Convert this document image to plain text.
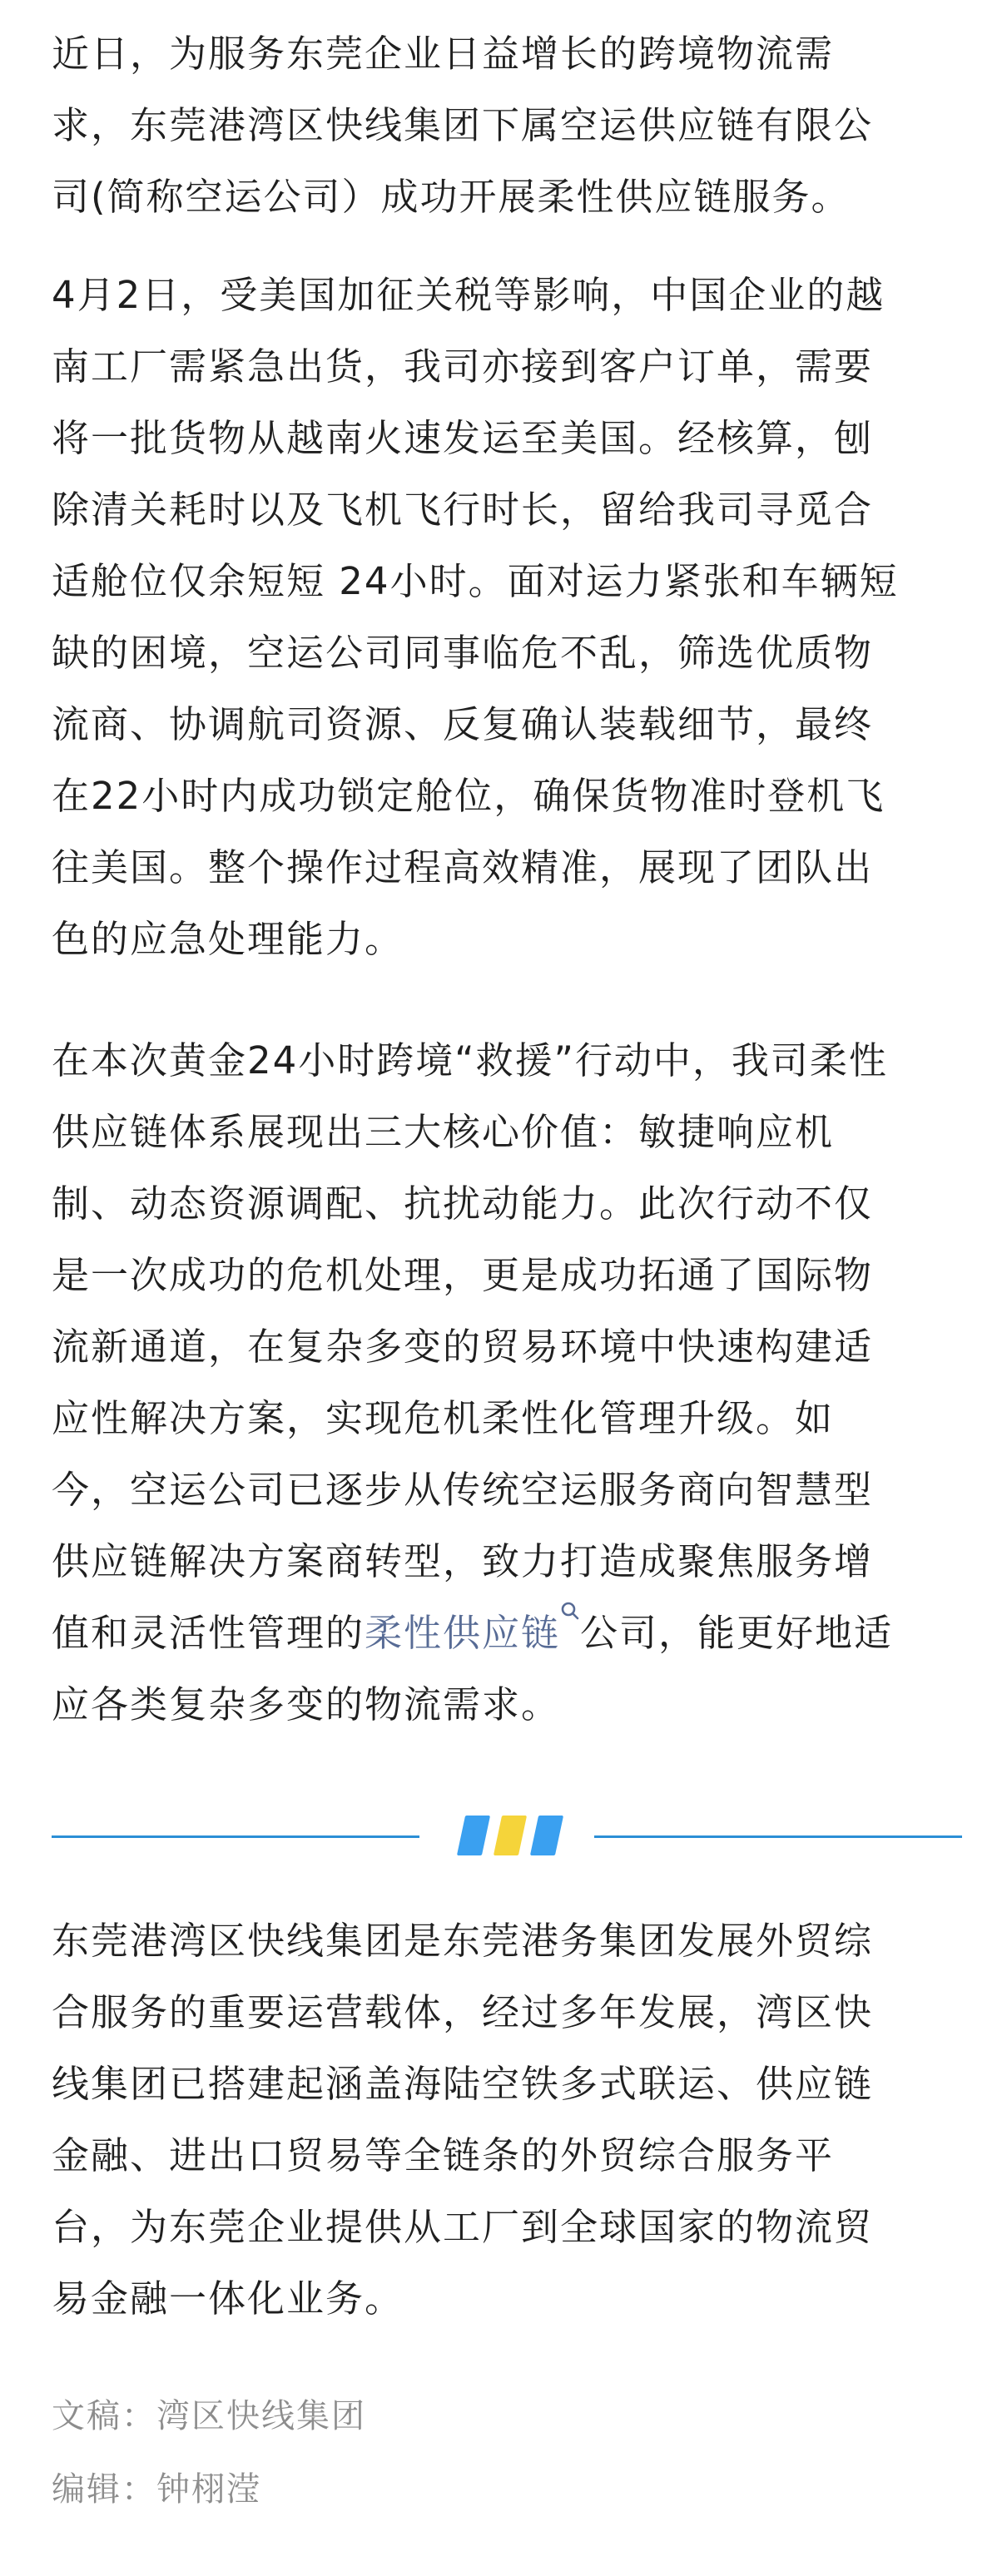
近日，为服务东莞企业日益增长的跨境物流需
求，东莞港湾区快线集团下属空运供应链有限公
司(简称空运公司）成功开展柔性供应链服务。

4月2日，受美国加征关税等影响，中国企业的越
南工厂需紧急出货，我司亦接到客户订单，需要
将一批货物从越南火速发运至美国。经核算，刨
除清关耗时以及飞机飞行时长，留给我司寻觅合
适舱位仅余短短 24小时。面对运力紧张和车辆短
缺的困境，空运公司同事临危不乱，筛选优质物
流商、协调航司资源、反复确认装载细节，最终
在22小时内成功锁定舱位，确保货物准时登机飞
往美国。整个操作过程高效精准，展现了团队出
色的应急处理能力。

在本次黄金24小时跨境“救援”行动中，我司柔性
供应链体系展现出三大核心价值：敏捷响应机
制、动态资源调配、抗扰动能力。此次行动不仅
是一次成功的危机处理，更是成功拓通了国际物
流新通道，在复杂多变的贸易环境中快速构建适
应性解决方案，实现危机柔性化管理升级。如
今，空运公司已逐步从传统空运服务商向智慧型
供应链解决方案商转型，致力打造成聚焦服务增
值和灵活性管理的柔性供应链 公司，能更好地适
应各类复杂多变的物流需求。

东莞港湾区快线集团是东莞港务集团发展外贸综
合服务的重要运营载体，经过多年发展，湾区快
线集团已搭建起涵盖海陆空铁多式联运、供应链
金融、进出口贸易等全链条的外贸综合服务平
台，为东莞企业提供从工厂到全球国家的物流贸
易金融一体化业务。

文稿：湾区快线集团
编辑：钟栩滢
